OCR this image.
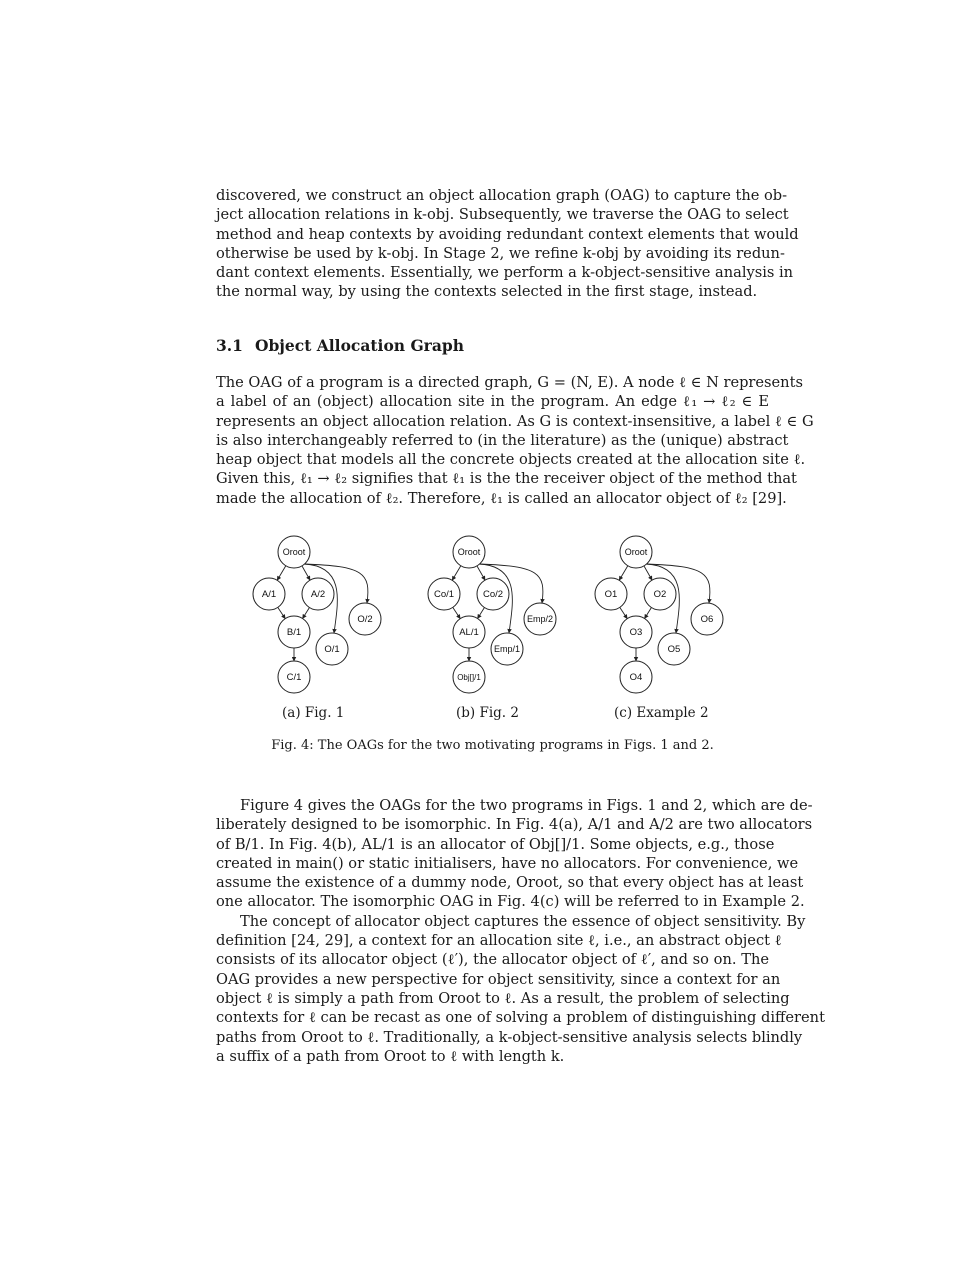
discovered, we construct an object allocation graph (OAG) to capture the ob-
ject allocation relations in k-obj. Subsequently, we traverse the OAG to select
method and heap contexts by avoiding redundant context elements that would
otherwise be used by k-obj. In Stage 2, we refine k-obj by avoiding its redun-
dant context elements. Essentially, we perform a k-object-sensitive analysis in
the normal way, by using the contexts selected in the first stage, instead.
3.1 Object Allocation Graph
The OAG of a program is a directed graph, G = (N, E). A node ℓ ∈ N represents
a label of an (object) allocation site in the program. An edge ℓ₁ → ℓ₂ ∈ E
represents an object allocation relation. As G is context-insensitive, a label ℓ ∈ G
is also interchangeably referred to (in the literature) as the (unique) abstract
heap object that models all the concrete objects created at the allocation site ℓ.
Given this, ℓ₁ → ℓ₂ signifies that ℓ₁ is the the receiver object of the method that
made the allocation of ℓ₂. Therefore, ℓ₁ is called an allocator object of ℓ₂ [29].
Oroot
A/1	A/2
O/2
B/1
O/1
C/1
Oroot
Co/1	Co/2
Emp/2
AL/1
Emp/1
Obj[]/1
Oroot
O1	O2
O6
O3
O5
O4
(a) Fig. 1	(b) Fig. 2	(c) Example 2
Fig. 4: The OAGs for the two motivating programs in Figs. 1 and 2.
Figure 4 gives the OAGs for the two programs in Figs. 1 and 2, which are de-
liberately designed to be isomorphic. In Fig. 4(a), A/1 and A/2 are two allocators
of B/1. In Fig. 4(b), AL/1 is an allocator of Obj[]/1. Some objects, e.g., those
created in main() or static initialisers, have no allocators. For convenience, we
assume the existence of a dummy node, Oroot, so that every object has at least
one allocator. The isomorphic OAG in Fig. 4(c) will be referred to in Example 2.
The concept of allocator object captures the essence of object sensitivity. By
definition [24, 29], a context for an allocation site ℓ, i.e., an abstract object ℓ
consists of its allocator object (ℓ′), the allocator object of ℓ′, and so on. The
OAG provides a new perspective for object sensitivity, since a context for an
object ℓ is simply a path from Oroot to ℓ. As a result, the problem of selecting
contexts for ℓ can be recast as one of solving a problem of distinguishing different
paths from Oroot to ℓ. Traditionally, a k-object-sensitive analysis selects blindly
a suffix of a path from Oroot to ℓ with length k.
